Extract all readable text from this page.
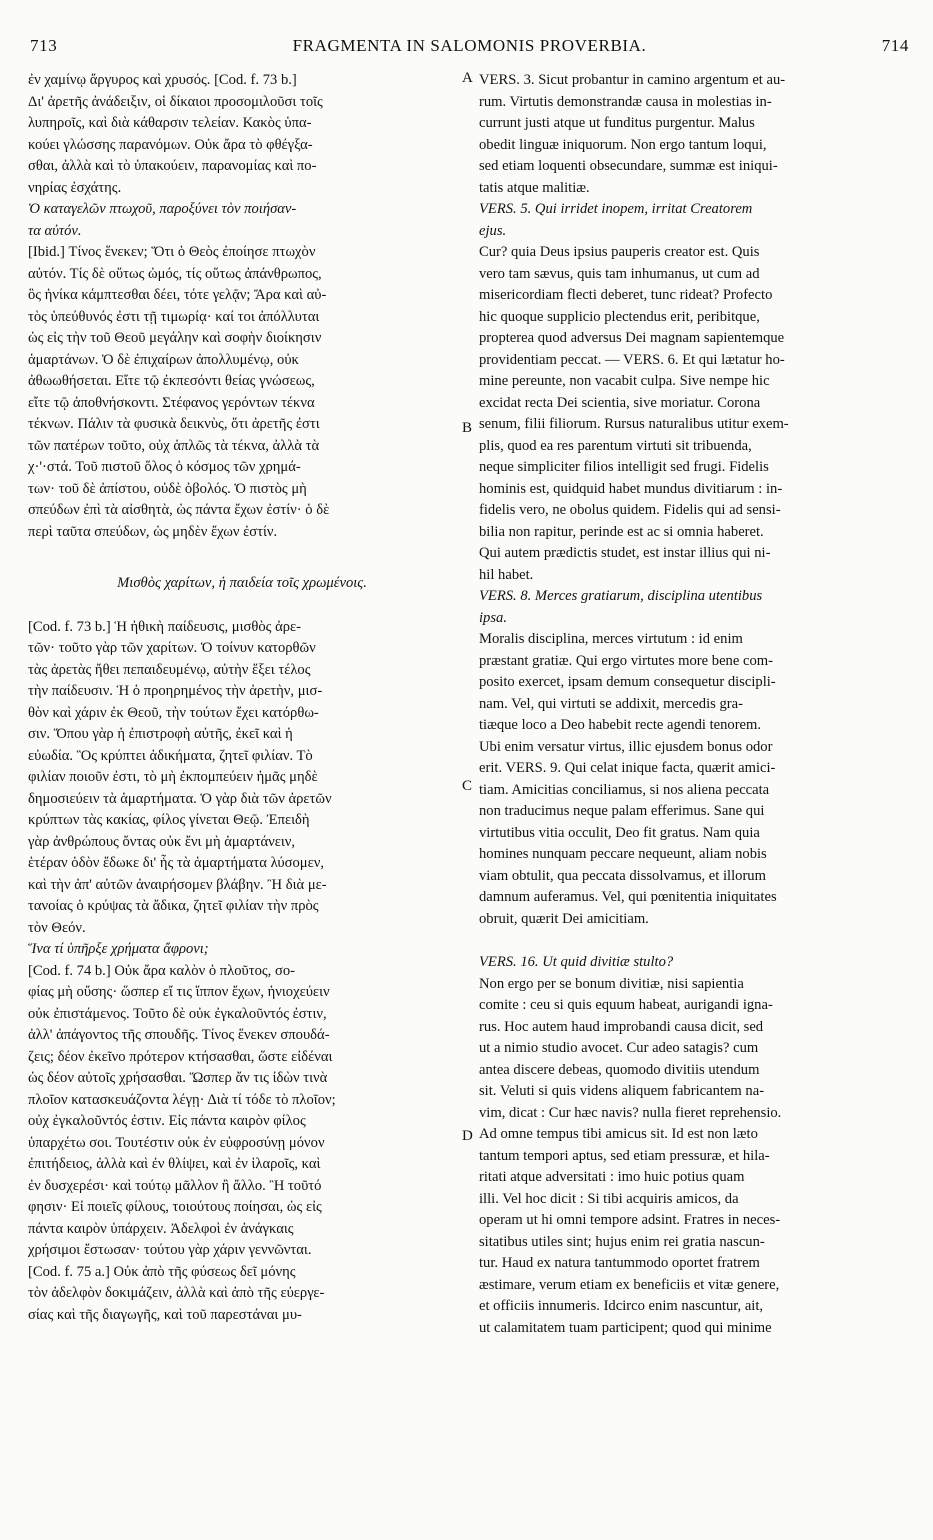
713	FRAGMENTA IN SALOMONIS PROVERBIA.	714
A
B
C
D
ἐν χαμίνῳ ἄργυρος καὶ χρυσός. [Cod. f. 73 b.]
Δι' ἀρετῆς ἀνάδειξιν, οἱ δίκαιοι προσομιλοῦσι τοῖς
λυπηροῖς, καὶ διὰ κάθαρσιν τελείαν. Κακὸς ὑπα-
κούει γλώσσης παρανόμων. Οὐκ ἄρα τὸ φθέγξα-
σθαι, ἀλλὰ καὶ τὸ ὑπακούειν, παρανομίας καὶ πο-
νηρίας ἐσχάτης.
Ὁ καταγελῶν πτωχοῦ, παροξύνει τὸν ποιήσαν-
τα αὐτόν.
[Ibid.] Τίνος ἕνεκεν; Ὅτι ὁ Θεὸς ἐποίησε πτωχὸν
αὐτόν. Τίς δὲ οὕτως ὠμός, τίς οὕτως ἀπάνθρωπος,
ὃς ἡνίκα κάμπτεσθαι δέει, τότε γελᾷν; Ἄρα καὶ αὐ-
τὸς ὑπεύθυνός ἐστι τῇ τιμωρίᾳ· καί τοι ἀπόλλυται
ὡς εἰς τὴν τοῦ Θεοῦ μεγάλην καὶ σοφὴν διοίκησιν
ἁμαρτάνων. Ὁ δὲ ἐπιχαίρων ἀπολλυμένῳ, οὐκ
ἀθωωθήσεται. Εἴτε τῷ ἐκπεσόντι θείας γνώσεως,
εἴτε τῷ ἀποθνήσκοντι. Στέφανος γερόντων τέκνα
τέκνων. Πάλιν τὰ φυσικὰ δεικνὺς, ὅτι ἀρετῆς ἐστι
τῶν πατέρων τοῦτο, οὐχ ἁπλῶς τὰ τέκνα, ἀλλὰ τὰ
χ·'·στά. Τοῦ πιστοῦ ὅλος ὁ κόσμος τῶν χρημά-
των· τοῦ δὲ ἀπίστου, οὐδὲ ὀβολός. Ὁ πιστὸς μὴ
σπεύδων ἐπὶ τὰ αἰσθητὰ, ὡς πάντα ἔχων ἐστίν· ὁ δὲ
περὶ ταῦτα σπεύδων, ὡς μηδὲν ἔχων ἐστίν.
Μισθὸς χαρίτων, ἡ παιδεία τοῖς χρωμένοις.
[Cod. f. 73 b.] Ἡ ἠθικὴ παίδευσις, μισθὸς ἀρε-
τῶν· τοῦτο γὰρ τῶν χαρίτων. Ὁ τοίνυν κατορθῶν
τὰς ἀρετὰς ἤθει πεπαιδευμένῳ, αὐτὴν ἕξει τέλος
τὴν παίδευσιν. Ἡ ὁ προηρημένος τὴν ἀρετὴν, μισ-
θὸν καὶ χάριν ἐκ Θεοῦ, τὴν τούτων ἔχει κατόρθω-
σιν. Ὅπου γὰρ ἡ ἐπιστροφὴ αὐτῆς, ἐκεῖ καὶ ἡ
εὐωδία. Ὃς κρύπτει ἀδικήματα, ζητεῖ φιλίαν. Τὸ
φιλίαν ποιοῦν ἐστι, τὸ μὴ ἐκπομπεύειν ἡμᾶς μηδὲ
δημοσιεύειν τὰ ἁμαρτήματα. Ὁ γὰρ διὰ τῶν ἀρετῶν
κρύπτων τὰς κακίας, φίλος γίνεται Θεῷ. Ἐπειδὴ
γὰρ ἀνθρώπους ὄντας οὐκ ἔνι μὴ ἁμαρτάνειν,
ἑτέραν ὁδὸν ἔδωκε δι' ἧς τὰ ἁμαρτήματα λύσομεν,
καὶ τὴν ἀπ' αὐτῶν ἀναιρήσομεν βλάβην. Ἢ διὰ με-
τανοίας ὁ κρύψας τὰ ἄδικα, ζητεῖ φιλίαν τὴν πρὸς
τὸν Θεόν.
Ἵνα τί ὑπῆρξε χρήματα ἄφρονι;
[Cod. f. 74 b.] Οὐκ ἄρα καλὸν ὁ πλοῦτος, σο-
φίας μὴ οὔσης· ὥσπερ εἴ τις ἵππον ἔχων, ἡνιοχεύειν
οὐκ ἐπιστάμενος. Τοῦτο δὲ οὐκ ἐγκαλοῦντός ἐστιν,
ἀλλ' ἀπάγοντος τῆς σπουδῆς. Τίνος ἕνεκεν σπουδά-
ζεις; δέον ἐκεῖνο πρότερον κτήσασθαι, ὥστε εἰδέναι
ὡς δέον αὐτοῖς χρήσασθαι. Ὥσπερ ἄν τις ἰδὼν τινὰ
πλοῖον κατασκευάζοντα λέγῃ· Διὰ τί τόδε τὸ πλοῖον;
οὐχ ἐγκαλοῦντός ἐστιν. Εἰς πάντα καιρὸν φίλος
ὑπαρχέτω σοι. Τουτέστιν οὐκ ἐν εὐφροσύνῃ μόνον
ἐπιτήδειος, ἀλλὰ καὶ ἐν θλίψει, καὶ ἐν ἱλαροῖς, καὶ
ἐν δυσχερέσι· καὶ τούτῳ μᾶλλον ἢ ἄλλο. Ἢ τοῦτό
φησιν· Εἰ ποιεῖς φίλους, τοιούτους ποίησαι, ὡς εἰς
πάντα καιρὸν ὑπάρχειν. Ἀδελφοὶ ἐν ἀνάγκαις
χρήσιμοι ἔστωσαν· τούτου γὰρ χάριν γεννῶνται.
[Cod. f. 75 a.] Οὐκ ἀπὸ τῆς φύσεως δεῖ μόνης
τὸν ἀδελφὸν δοκιμάζειν, ἀλλὰ καὶ ἀπὸ τῆς εὐεργε-
σίας καὶ τῆς διαγωγῆς, καὶ τοῦ παρεστάναι μυ-
VERS. 3. Sicut probantur in camino argentum et au-
rum. Virtutis demonstrandæ causa in molestias in-
currunt justi atque ut funditus purgentur. Malus
obedit linguæ iniquorum. Non ergo tantum loqui,
sed etiam loquenti obsecundare, summæ est iniqui-
tatis atque malitiæ.
VERS. 5. Qui irridet inopem, irritat Creatorem
ejus.
Cur? quia Deus ipsius pauperis creator est. Quis
vero tam sævus, quis tam inhumanus, ut cum ad
misericordiam flecti deberet, tunc rideat? Profecto
hic quoque supplicio plectendus erit, peribitque,
propterea quod adversus Dei magnam sapientemque
providentiam peccat. — VERS. 6. Et qui lætatur ho-
mine pereunte, non vacabit culpa. Sive nempe hic
excidat recta Dei scientia, sive moriatur. Corona
senum, filii filiorum. Rursus naturalibus utitur exem-
plis, quod ea res parentum virtuti sit tribuenda,
neque simpliciter filios intelligit sed frugi. Fidelis
hominis est, quidquid habet mundus divitiarum : in-
fidelis vero, ne obolus quidem. Fidelis qui ad sensi-
bilia non rapitur, perinde est ac si omnia haberet.
Qui autem prædictis studet, est instar illius qui ni-
hil habet.
VERS. 8. Merces gratiarum, disciplina utentibus
ipsa.
Moralis disciplina, merces virtutum : id enim
præstant gratiæ. Qui ergo virtutes more bene com-
posito exercet, ipsam demum consequetur discipli-
nam. Vel, qui virtuti se addixit, mercedis gra-
tiæque loco a Deo habebit recte agendi tenorem.
Ubi enim versatur virtus, illic ejusdem bonus odor
erit. VERS. 9. Qui celat inique facta, quærit amici-
tiam. Amicitias conciliamus, si nos aliena peccata
non traducimus neque palam efferimus. Sane qui
virtutibus vitia occulit, Deo fit gratus. Nam quia
homines nunquam peccare nequeunt, aliam nobis
viam obtulit, qua peccata dissolvamus, et illorum
damnum auferamus. Vel, qui pœnitentia iniquitates
obruit, quærit Dei amicitiam.
VERS. 16. Ut quid divitiæ stulto?
Non ergo per se bonum divitiæ, nisi sapientia
comite : ceu si quis equum habeat, aurigandi igna-
rus. Hoc autem haud improbandi causa dicit, sed
ut a nimio studio avocet. Cur adeo satagis? cum
antea discere debeas, quomodo divitiis utendum
sit. Veluti si quis videns aliquem fabricantem na-
vim, dicat : Cur hæc navis? nulla fieret reprehensio.
Ad omne tempus tibi amicus sit. Id est non læto
tantum tempori aptus, sed etiam pressuræ, et hila-
ritati atque adversitati : imo huic potius quam
illi. Vel hoc dicit : Si tibi acquiris amicos, da
operam ut hi omni tempore adsint. Fratres in neces-
sitatibus utiles sint; hujus enim rei gratia nascun-
tur. Haud ex natura tantummodo oportet fratrem
æstimare, verum etiam ex beneficiis et vitæ genere,
et officiis innumeris. Idcirco enim nascuntur, ait,
ut calamitatem tuam participent; quod qui minime
